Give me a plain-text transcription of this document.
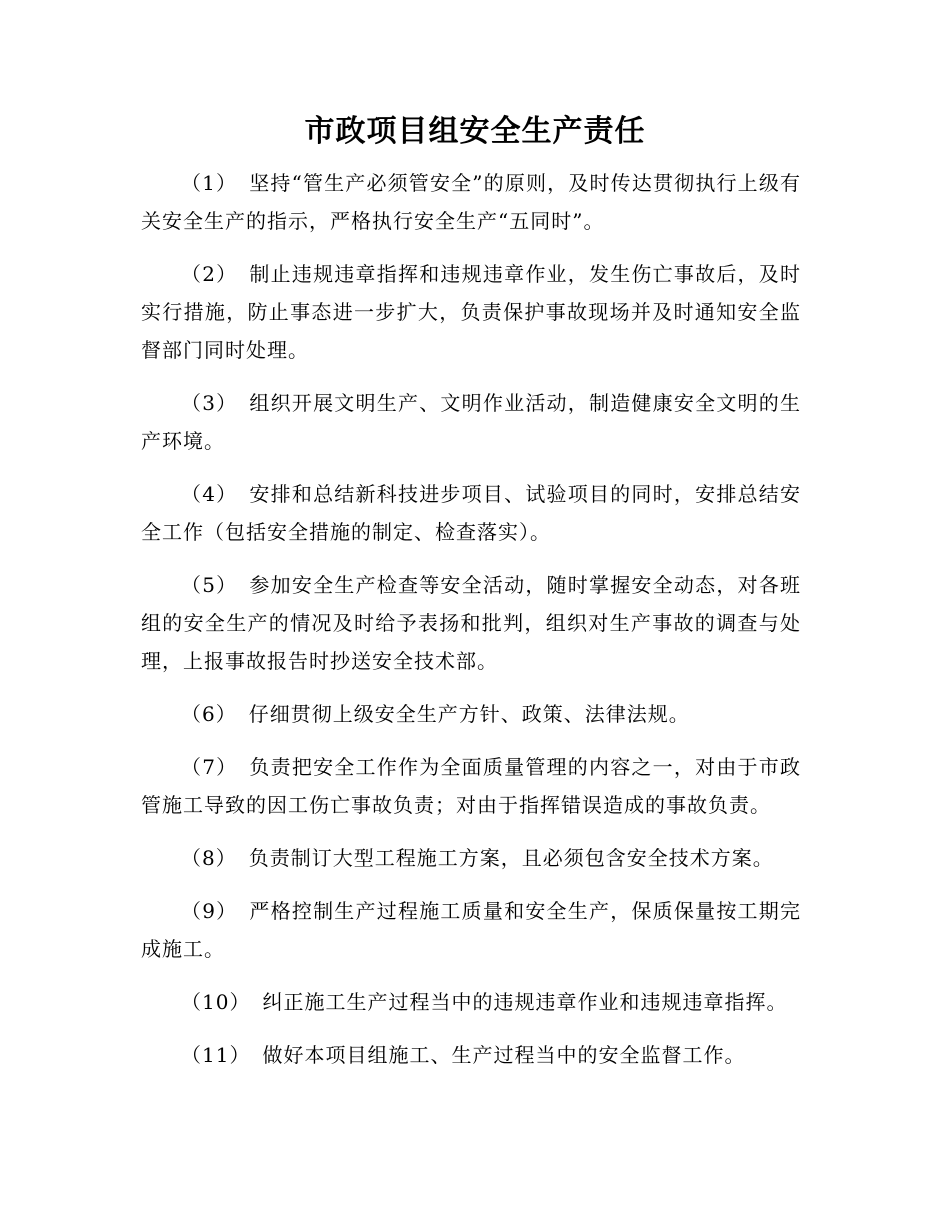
市政项目组安全生产责任

（1） 坚持“管生产必须管安全”的原则，及时传达贯彻执行上级有关安全生产的指示，严格执行安全生产“五同时”。

（2） 制止违规违章指挥和违规违章作业，发生伤亡事故后，及时实行措施，防止事态进一步扩大，负责保护事故现场并及时通知安全监督部门同时处理。

（3） 组织开展文明生产、文明作业活动，制造健康安全文明的生产环境。

（4） 安排和总结新科技进步项目、试验项目的同时，安排总结安全工作（包括安全措施的制定、检查落实）。

（5） 参加安全生产检查等安全活动，随时掌握安全动态，对各班组的安全生产的情况及时给予表扬和批判，组织对生产事故的调查与处理，上报事故报告时抄送安全技术部。

（6） 仔细贯彻上级安全生产方针、政策、法律法规。

（7） 负责把安全工作作为全面质量管理的内容之一，对由于市政管施工导致的因工伤亡事故负责；对由于指挥错误造成的事故负责。

（8） 负责制订大型工程施工方案，且必须包含安全技术方案。

（9） 严格控制生产过程施工质量和安全生产，保质保量按工期完成施工。

（10） 纠正施工生产过程当中的违规违章作业和违规违章指挥。

（11） 做好本项目组施工、生产过程当中的安全监督工作。
